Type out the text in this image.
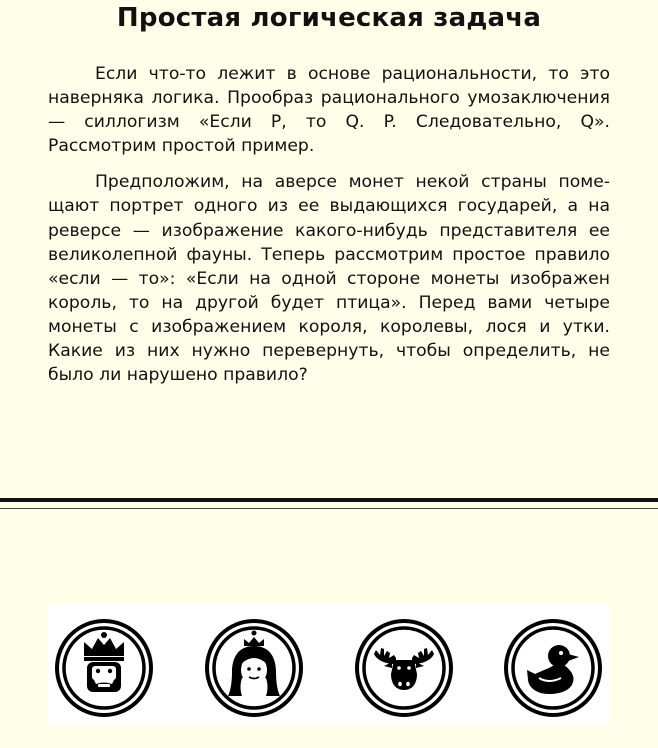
Простая логическая задача

Если что-то лежит в основе рациональности, то это наверняка логика. Прообраз рационального умозаключения — силлогизм «Если P, то Q. P. Следовательно, Q». Рассмотрим простой пример.

Предположим, на аверсе монет некой страны помещают портрет одного из ее выдающихся государей, а на реверсе — изображение какого-нибудь представителя ее великолепной фауны. Теперь рассмотрим простое правило «если — то»: «Если на одной стороне монеты изображен король, то на другой будет птица». Перед вами четыре монеты с изображением короля, королевы, лося и утки. Какие из них нужно перевернуть, чтобы определить, не было ли нарушено правило?
